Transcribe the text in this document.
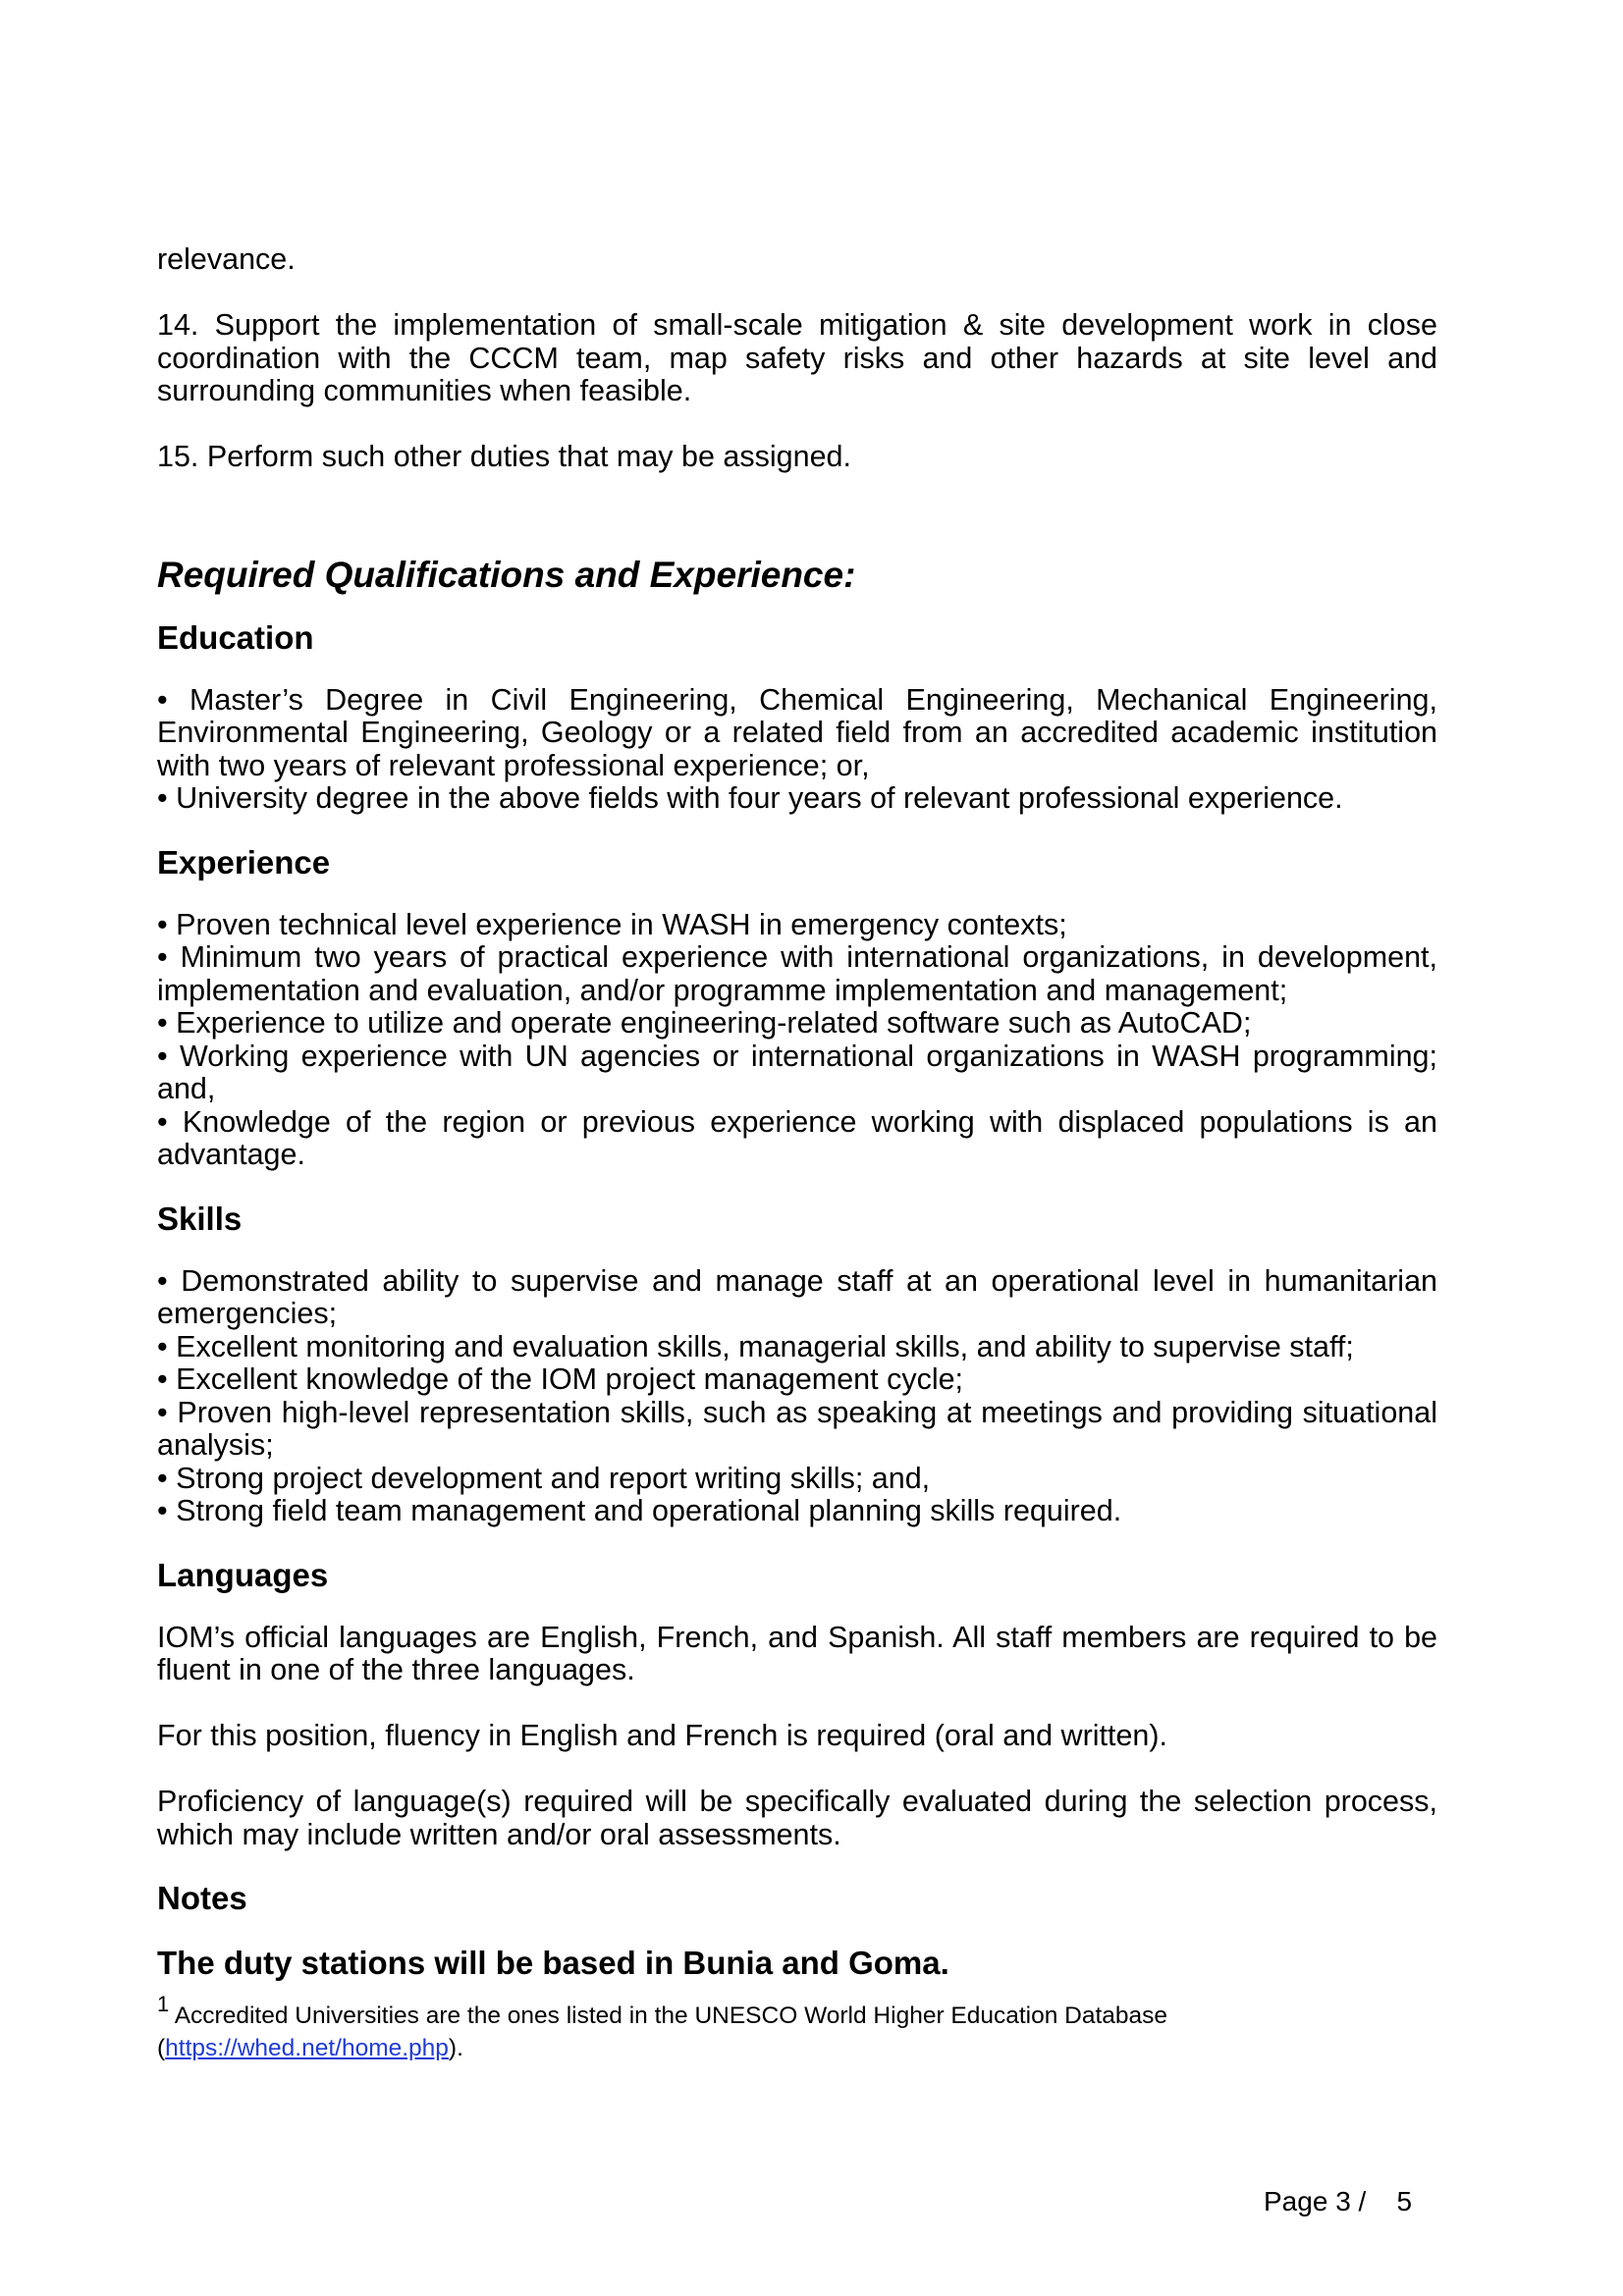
relevance.

14. Support the implementation of small-scale mitigation & site development work in close coordination with the CCCM team, map safety risks and other hazards at site level and surrounding communities when feasible.

15. Perform such other duties that may be assigned.

Required Qualifications and Experience:
Education
• Master’s Degree in Civil Engineering, Chemical Engineering, Mechanical Engineering, Environmental Engineering, Geology or a related field from an accredited academic institution with two years of relevant professional experience; or,
• University degree in the above fields with four years of relevant professional experience.
Experience
• Proven technical level experience in WASH in emergency contexts;
• Minimum two years of practical experience with international organizations, in development, implementation and evaluation, and/or programme implementation and management;
• Experience to utilize and operate engineering-related software such as AutoCAD;
• Working experience with UN agencies or international organizations in WASH programming; and,
• Knowledge of the region or previous experience working with displaced populations is an advantage.
Skills
• Demonstrated ability to supervise and manage staff at an operational level in humanitarian emergencies;
• Excellent monitoring and evaluation skills, managerial skills, and ability to supervise staff;
• Excellent knowledge of the IOM project management cycle;
• Proven high-level representation skills, such as speaking at meetings and providing situational analysis;
• Strong project development and report writing skills; and,
• Strong field team management and operational planning skills required.
Languages

IOM’s official languages are English, French, and Spanish. All staff members are required to be fluent in one of the three languages.

For this position, fluency in English and French is required (oral and written).

Proficiency of language(s) required will be specifically evaluated during the selection process, which may include written and/or oral assessments.

Notes
The duty stations will be based in Bunia and Goma.
$^1$ Accredited Universities are the ones listed in the UNESCO World Higher Education Database
(https://whed.net/home.php).
Page 3 / 5
